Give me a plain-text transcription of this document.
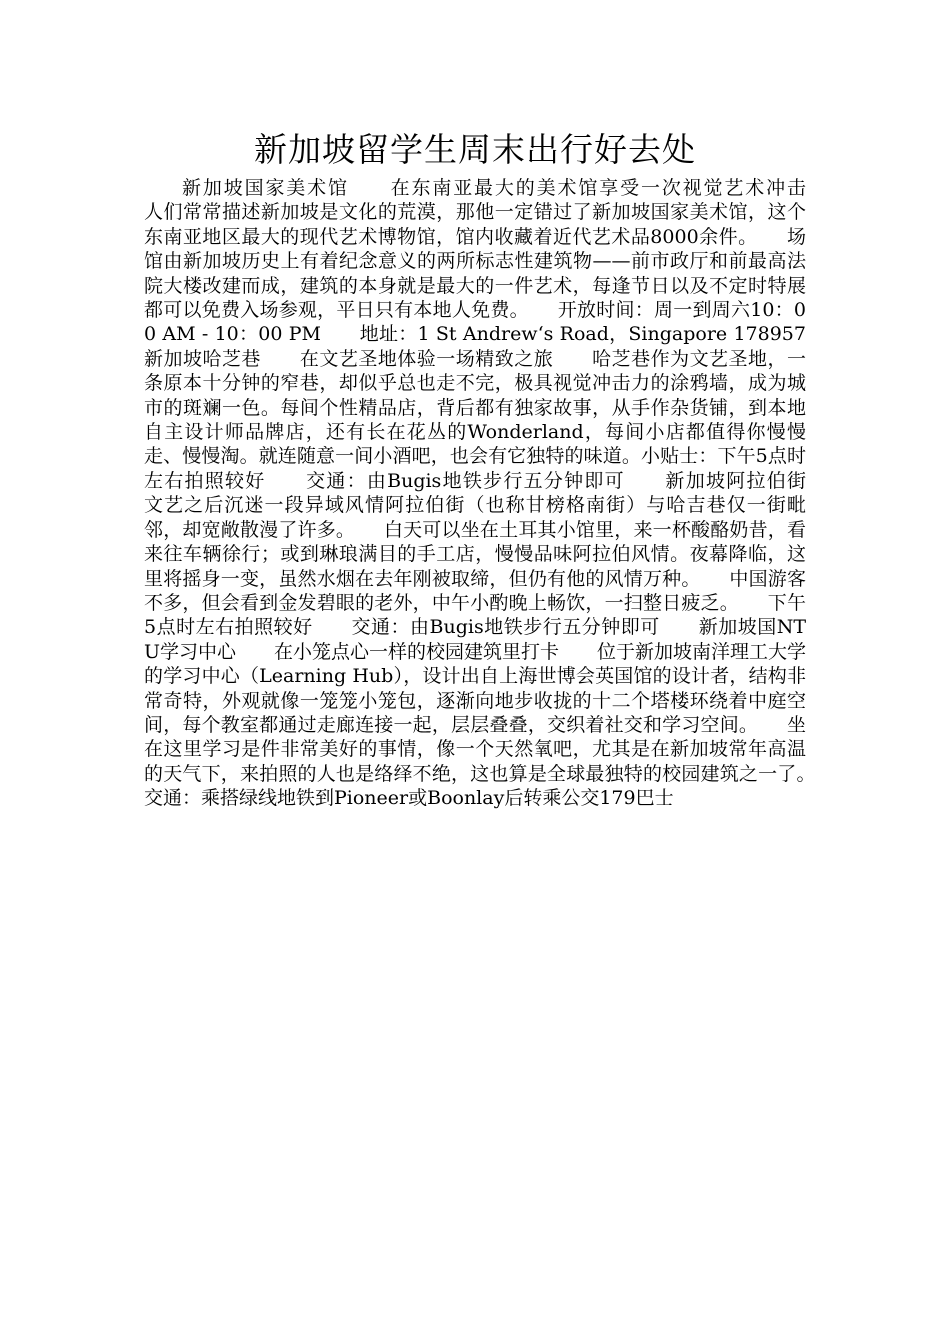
新加坡留学生周末出行好去处
新加坡国家美术馆　　在东南亚最大的美术馆享受一次视觉艺术冲击　　人们常常描述新加坡是文化的荒漠，那他一定错过了新加坡国家美术馆，这个东南亚地区最大的现代艺术博物馆，馆内收藏着近代艺术品8000余件。　　场馆由新加坡历史上有着纪念意义的两所标志性建筑物——前市政厅和前最高法院大楼改建而成，建筑的本身就是最大的一件艺术，每逢节日以及不定时特展都可以免费入场参观，平日只有本地人免费。　　开放时间：周一到周六10：00 AM - 10：00 PM　　地址：1 St Andrew‘s Road，Singapore 178957　　新加坡哈芝巷　　在文艺圣地体验一场精致之旅　　哈芝巷作为文艺圣地，一条原本十分钟的窄巷，却似乎总也走不完，极具视觉冲击力的涂鸦墙，成为城市的斑斓一色。每间个性精品店，背后都有独家故事，从手作杂货铺，到本地自主设计师品牌店，还有长在花丛的Wonderland，每间小店都值得你慢慢走、慢慢淘。就连随意一间小酒吧，也会有它独特的味道。小贴士：下午5点时左右拍照较好　　交通：由Bugis地铁步行五分钟即可　　新加坡阿拉伯街　　文艺之后沉迷一段异域风情阿拉伯街（也称甘榜格南街）与哈吉巷仅一街毗邻，却宽敞散漫了许多。　　白天可以坐在土耳其小馆里，来一杯酸酪奶昔，看来往车辆徐行；或到琳琅满目的手工店，慢慢品味阿拉伯风情。夜幕降临，这里将摇身一变，虽然水烟在去年刚被取缔，但仍有他的风情万种。　　中国游客不多，但会看到金发碧眼的老外，中午小酌晚上畅饮，一扫整日疲乏。　　下午5点时左右拍照较好　　交通：由Bugis地铁步行五分钟即可　　新加坡国NTU学习中心　　在小笼点心一样的校园建筑里打卡　　位于新加坡南洋理工大学的学习中心（Learning Hub），设计出自上海世博会英国馆的设计者，结构非常奇特，外观就像一笼笼小笼包，逐渐向地步收拢的十二个塔楼环绕着中庭空间，每个教室都通过走廊连接一起，层层叠叠，交织着社交和学习空间。　　坐在这里学习是件非常美好的事情，像一个天然氧吧，尤其是在新加坡常年高温的天气下，来拍照的人也是络绎不绝，这也算是全球最独特的校园建筑之一了。　　交通：乘搭绿线地铁到Pioneer或Boonlay后转乘公交179巴士
